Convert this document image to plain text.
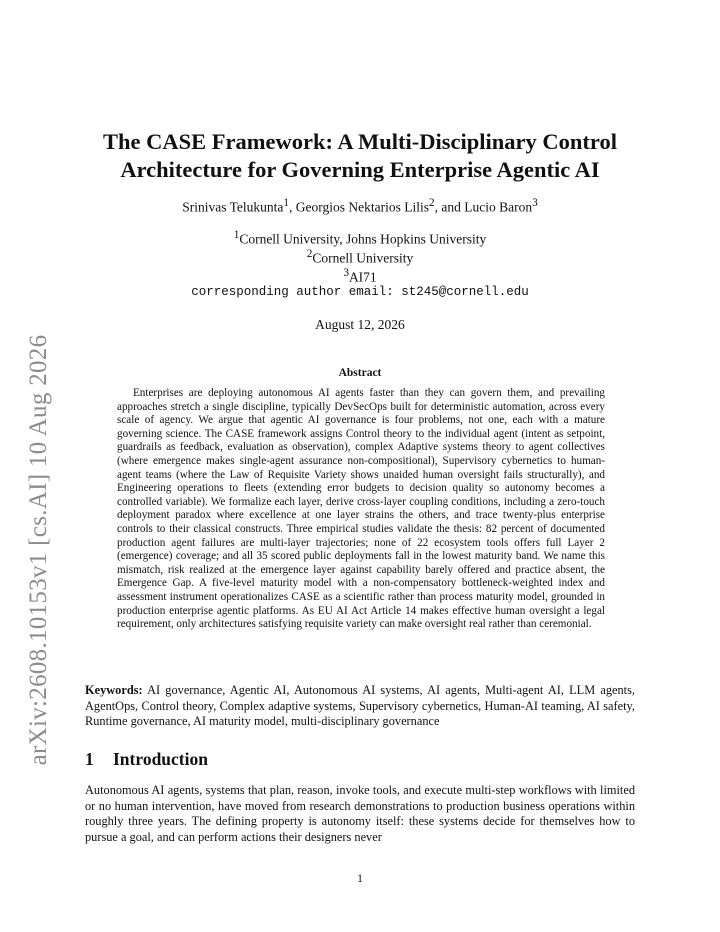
arXiv:2608.10153v1 [cs.AI] 10 Aug 2026
The CASE Framework: A Multi-Disciplinary Control
Architecture for Governing Enterprise Agentic AI
Srinivas Telukunta$^1$, Georgios Nektarios Lilis$^2$, and Lucio Baron$^3$
$^1$Cornell University, Johns Hopkins University
$^2$Cornell University
$^3$AI71
corresponding author email: st245@cornell.edu
August 12, 2026
Abstract

Enterprises are deploying autonomous AI agents faster than they can govern them, and prevailing approaches stretch a single discipline, typically DevSecOps built for deterministic automation, across every scale of agency. We argue that agentic AI governance is four problems, not one, each with a mature governing science. The CASE framework assigns Control theory to the individual agent (intent as setpoint, guardrails as feedback, evaluation as observation), complex Adaptive systems theory to agent collectives (where emergence makes single-agent assurance non-compositional), Supervisory cybernetics to human-agent teams (where the Law of Requisite Variety shows unaided human oversight fails structurally), and Engineering operations to fleets (extending error budgets to decision quality so autonomy becomes a controlled variable). We formalize each layer, derive cross-layer coupling conditions, including a zero-touch deployment paradox where excellence at one layer strains the others, and trace twenty-plus enterprise controls to their classical constructs. Three empirical studies validate the thesis: 82 percent of documented production agent failures are multi-layer trajectories; none of 22 ecosystem tools offers full Layer 2 (emergence) coverage; and all 35 scored public deployments fall in the lowest maturity band. We name this mismatch, risk realized at the emergence layer against capability barely offered and practice absent, the Emergence Gap. A five-level maturity model with a non-compensatory bottleneck-weighted index and assessment instrument operationalizes CASE as a scientific rather than process maturity model, grounded in production enterprise agentic platforms. As EU AI Act Article 14 makes effective human oversight a legal requirement, only architectures satisfying requisite variety can make oversight real rather than ceremonial.

Keywords: AI governance, Agentic AI, Autonomous AI systems, AI agents, Multi-agent AI, LLM agents, AgentOps, Control theory, Complex adaptive systems, Supervisory cybernetics, Human-AI teaming, AI safety, Runtime governance, AI maturity model, multi-disciplinary governance

1 Introduction

Autonomous AI agents, systems that plan, reason, invoke tools, and execute multi-step workflows with limited or no human intervention, have moved from research demonstrations to production business operations within roughly three years. The defining property is autonomy itself: these systems decide for themselves how to pursue a goal, and can perform actions their designers never

1
